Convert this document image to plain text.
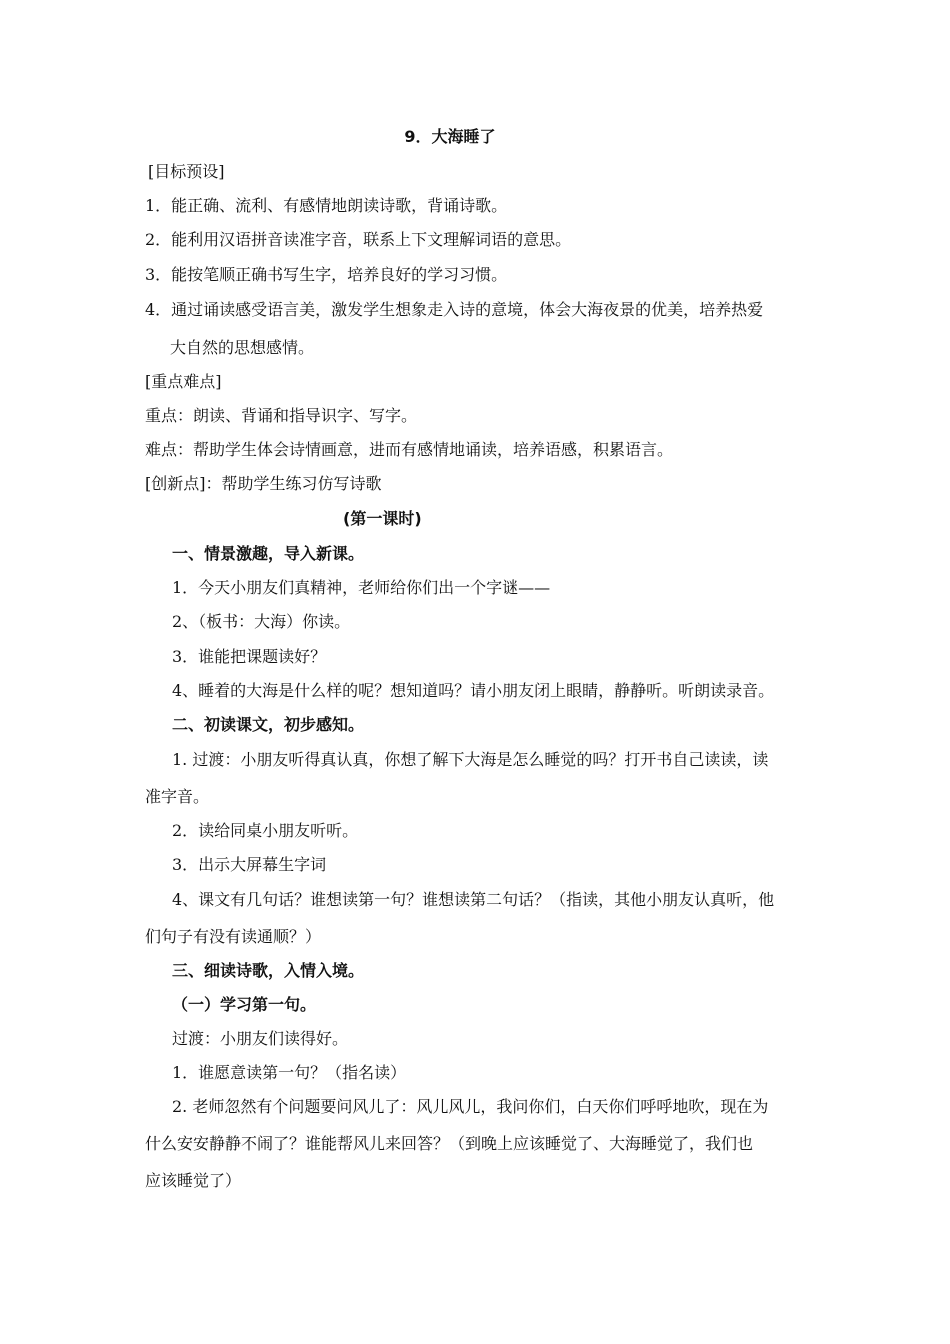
9．大海睡了
[目标预设]
1．能正确、流利、有感情地朗读诗歌，背诵诗歌。
2．能利用汉语拼音读准字音，联系上下文理解词语的意思。
3．能按笔顺正确书写生字，培养良好的学习习惯。
4．通过诵读感受语言美，激发学生想象走入诗的意境，体会大海夜景的优美，培养热爱
大自然的思想感情。
[重点难点]
重点：朗读、背诵和指导识字、写字。
难点：帮助学生体会诗情画意，进而有感情地诵读，培养语感，积累语言。
[创新点]：帮助学生练习仿写诗歌
(第一课时)
一、情景激趣，导入新课。
1．今天小朋友们真精神，老师给你们出一个字谜——
2、（板书：大海）你读。
3．谁能把课题读好？
4、睡着的大海是什么样的呢？想知道吗？请小朋友闭上眼睛，静静听。听朗读录音。
二、初读课文，初步感知。
1. 过渡：小朋友听得真认真，你想了解下大海是怎么睡觉的吗？打开书自己读读，读
准字音。
2．读给同桌小朋友听听。
3．出示大屏幕生字词
4、课文有几句话？谁想读第一句？谁想读第二句话？（指读，其他小朋友认真听，他
们句子有没有读通顺？）
三、细读诗歌，入情入境。
（一）学习第一句。
过渡：小朋友们读得好。
1．谁愿意读第一句？（指名读）
2. 老师忽然有个问题要问风儿了：风儿风儿，我问你们，白天你们呼呼地吹，现在为
什么安安静静不闹了？谁能帮风儿来回答？（到晚上应该睡觉了、大海睡觉了，我们也
应该睡觉了）
